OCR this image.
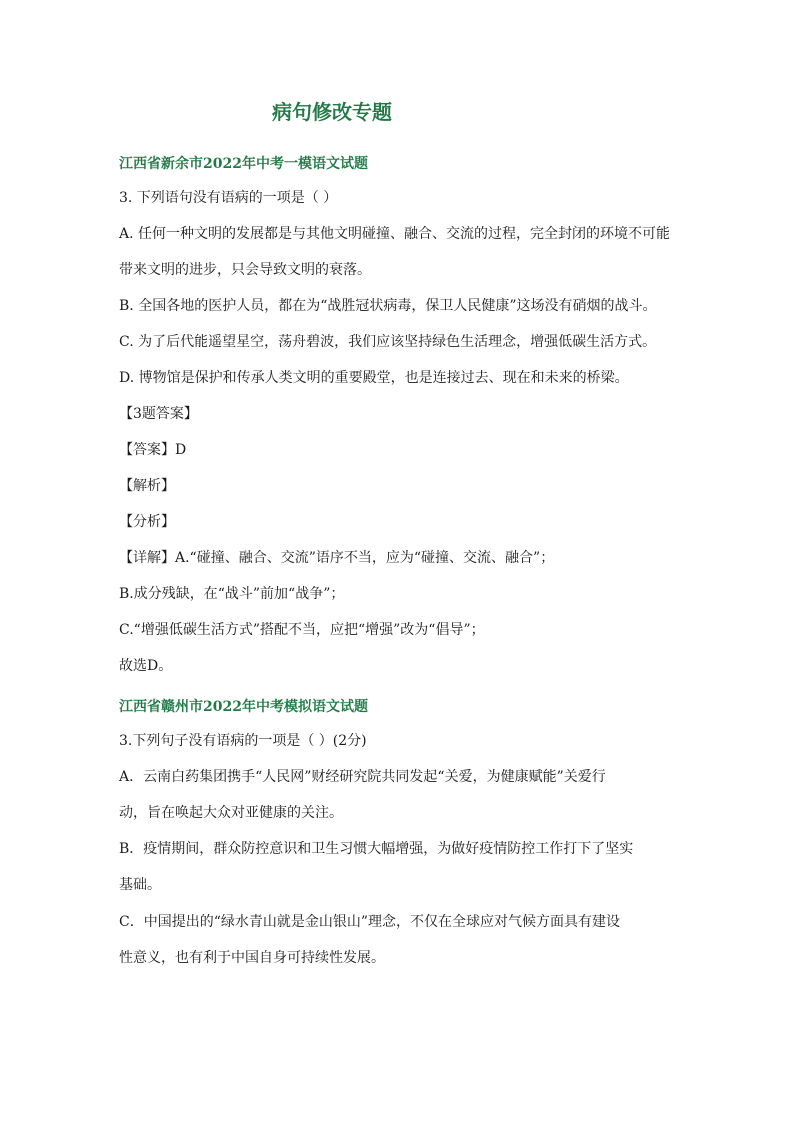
病句修改专题
江西省新余市2022年中考一模语文试题

3. 下列语句没有语病的一项是（ ）

A. 任何一种文明的发展都是与其他文明碰撞、融合、交流的过程，完全封闭的环境不可能

带来文明的进步，只会导致文明的衰落。

B. 全国各地的医护人员，都在为“战胜冠状病毒，保卫人民健康”这场没有硝烟的战斗。

C. 为了后代能遥望星空，荡舟碧波，我们应该坚持绿色生活理念，增强低碳生活方式。

D. 博物馆是保护和传承人类文明的重要殿堂，也是连接过去、现在和未来的桥梁。

【3题答案】

【答案】D

【解析】

【分析】

【详解】A.“碰撞、融合、交流”语序不当，应为“碰撞、交流、融合”；

B.成分残缺，在“战斗”前加“战争”；

C.“增强低碳生活方式”搭配不当，应把“增强”改为“倡导”；

故选D。

江西省赣州市2022年中考模拟语文试题

3.下列句子没有语病的一项是（ ）(2分)

A．云南白药集团携手“人民网”财经研究院共同发起“关爱，为健康赋能”关爱行

动，旨在唤起大众对亚健康的关注。

B．疫情期间，群众防控意识和卫生习惯大幅增强，为做好疫情防控工作打下了坚实

基础。

C．中国提出的“绿水青山就是金山银山”理念，不仅在全球应对气候方面具有建设

性意义，也有利于中国自身可持续性发展。
